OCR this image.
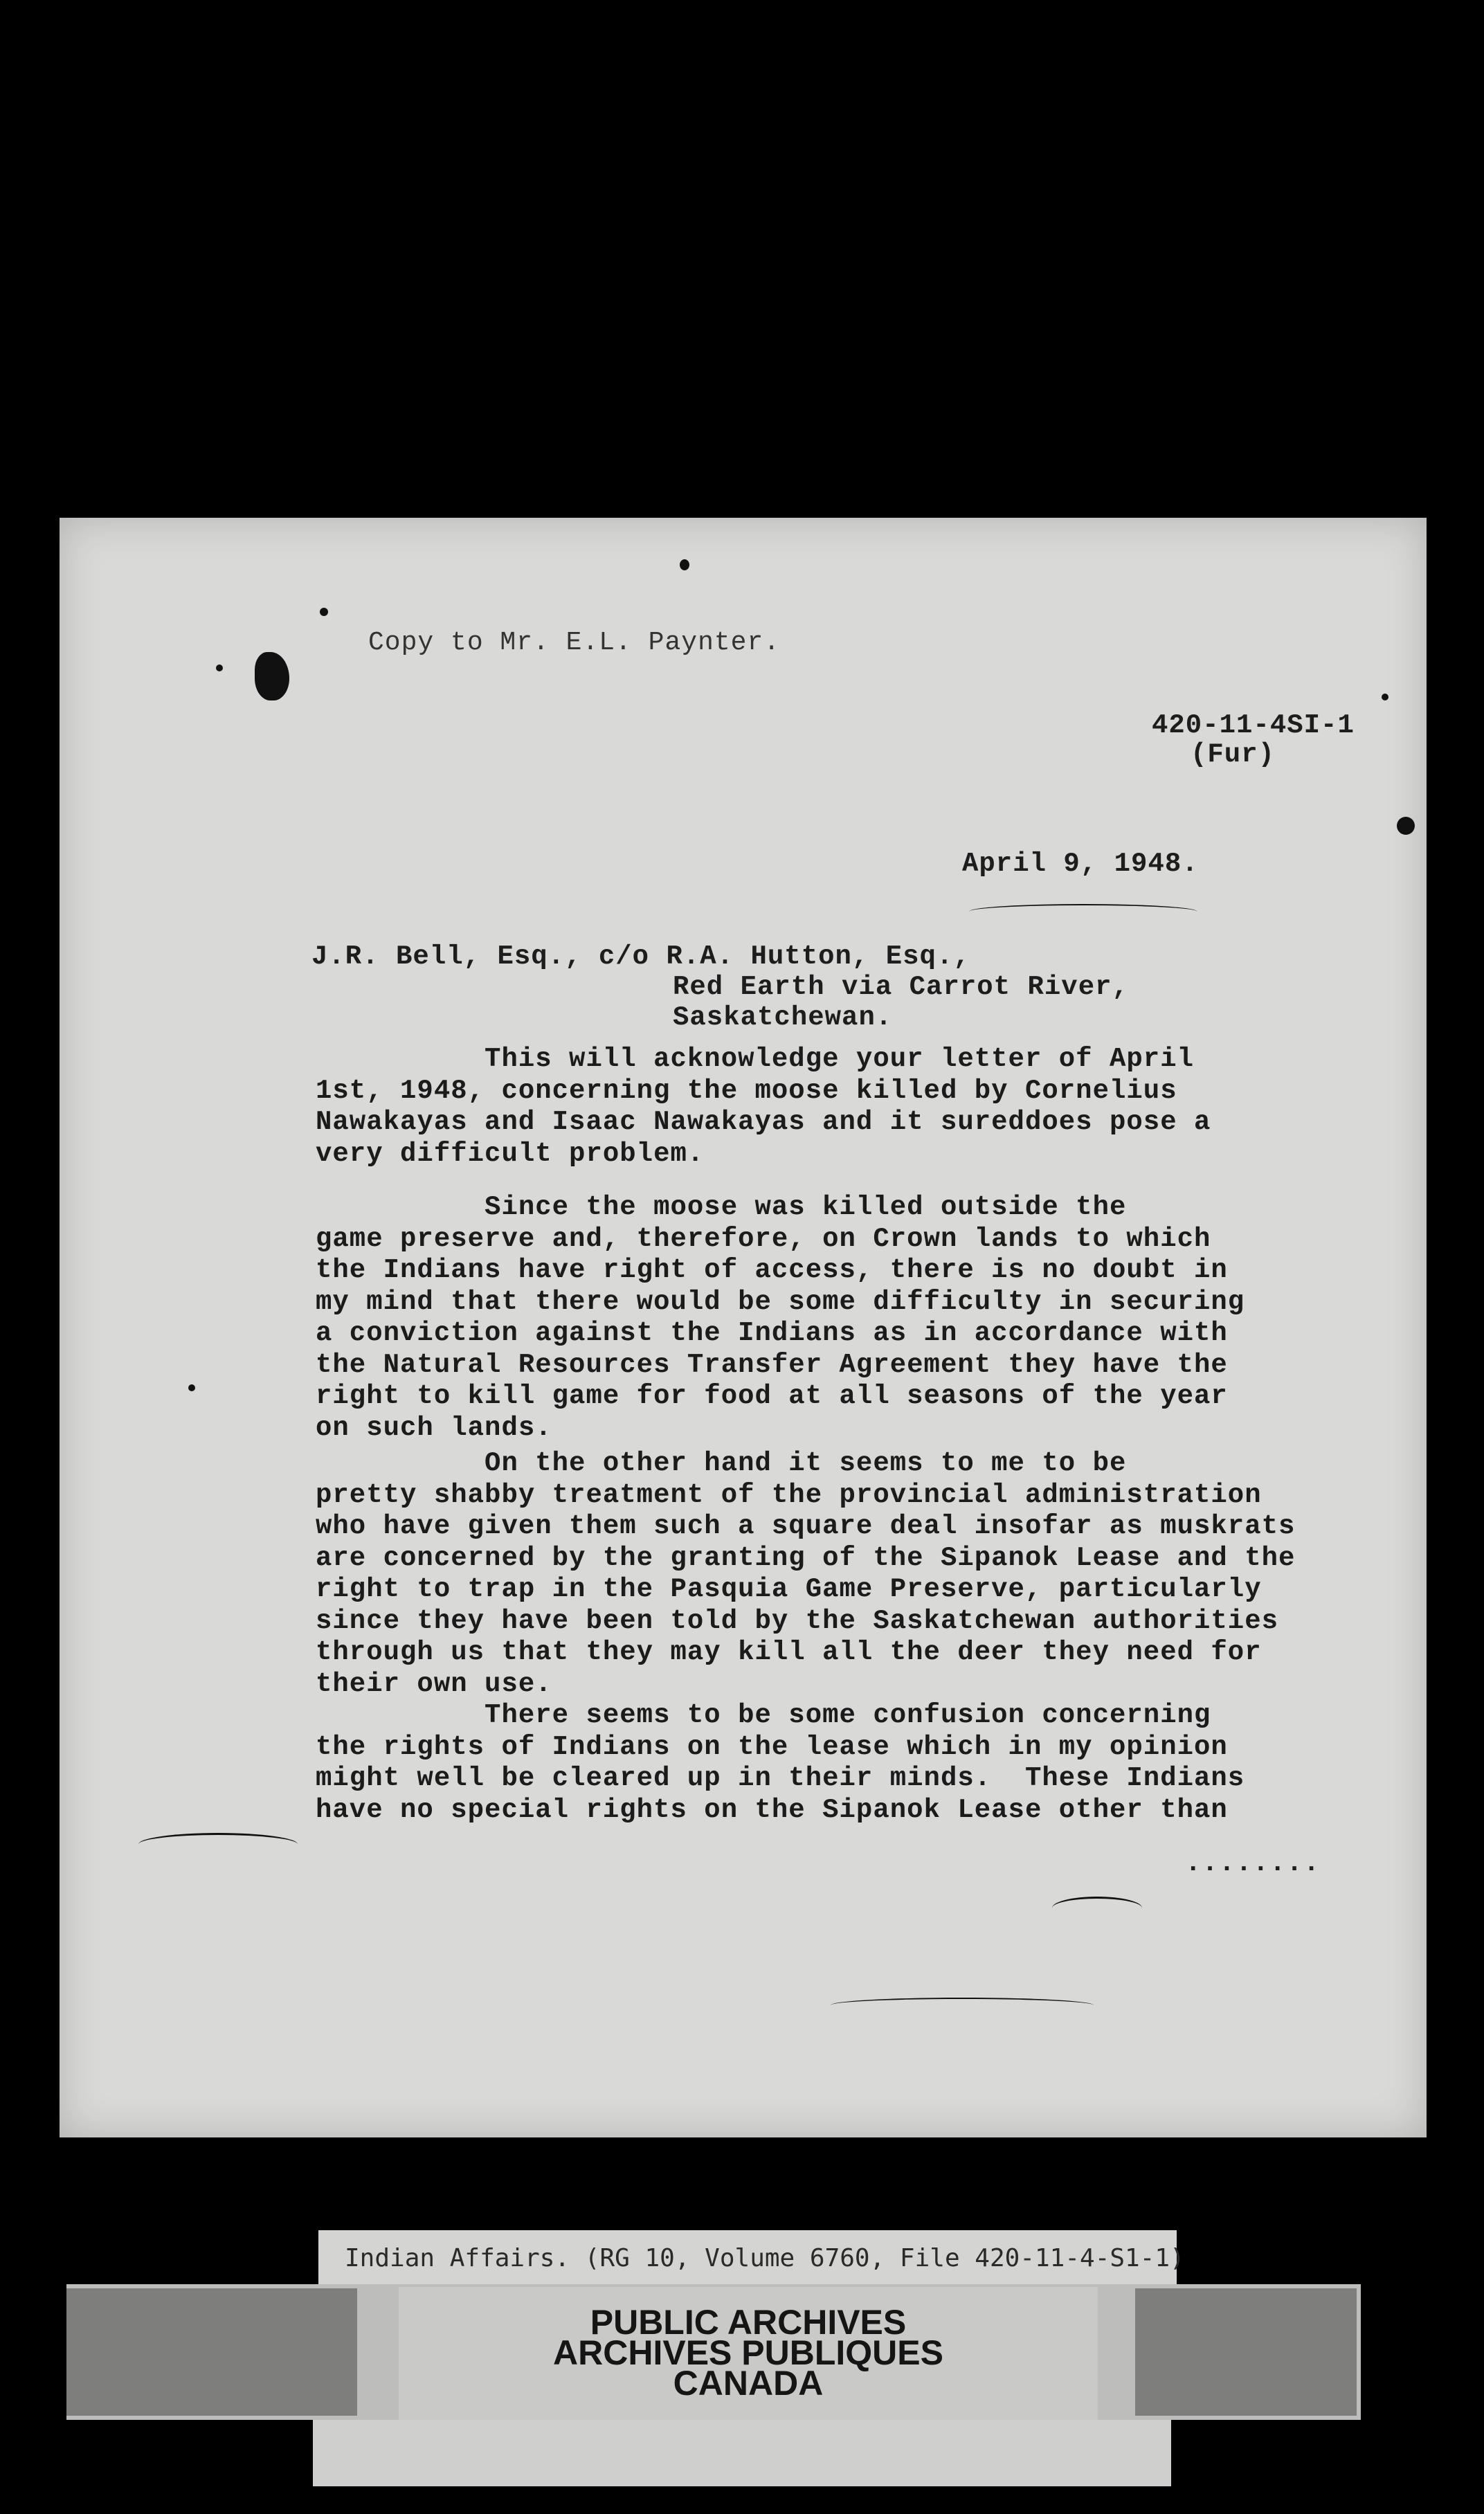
Copy to Mr. E.L. Paynter.
420-11-4SI-1
(Fur)
April 9, 1948.
J.R. Bell, Esq., c/o R.A. Hutton, Esq.,
Red Earth via Carrot River,
Saskatchewan.
This will acknowledge your letter of April
1st, 1948, concerning the moose killed by Cornelius
Nawakayas and Isaac Nawakayas and it sureddoes pose a
very difficult problem.
Since the moose was killed outside the
game preserve and, therefore, on Crown lands to which
the Indians have right of access, there is no doubt in
my mind that there would be some difficulty in securing
a conviction against the Indians as in accordance with
the Natural Resources Transfer Agreement they have the
right to kill game for food at all seasons of the year
on such lands.
On the other hand it seems to me to be
pretty shabby treatment of the provincial administration
who have given them such a square deal insofar as muskrats
are concerned by the granting of the Sipanok Lease and the
right to trap in the Pasquia Game Preserve, particularly
since they have been told by the Saskatchewan authorities
through us that they may kill all the deer they need for
their own use.
There seems to be some confusion concerning
the rights of Indians on the lease which in my opinion
might well be cleared up in their minds.  These Indians
have no special rights on the Sipanok Lease other than
........
Indian Affairs. (RG 10, Volume 6760, File 420-11-4-S1-1)
PUBLIC ARCHIVES
ARCHIVES PUBLIQUES
CANADA
